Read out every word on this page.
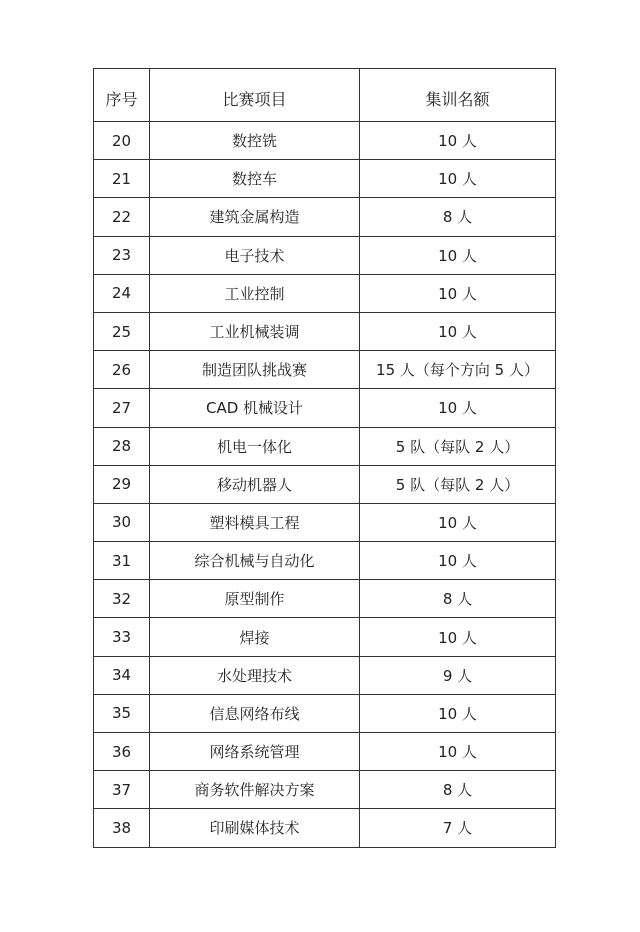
序号	比赛项目	集训名额
20	数控铣	10 人
21	数控车	10 人
22	建筑金属构造	8 人
23	电子技术	10 人
24	工业控制	10 人
25	工业机械装调	10 人
26	制造团队挑战赛	15 人（每个方向 5 人）
27	CAD 机械设计	10 人
28	机电一体化	5 队（每队 2 人）
29	移动机器人	5 队（每队 2 人）
30	塑料模具工程	10 人
31	综合机械与自动化	10 人
32	原型制作	8 人
33	焊接	10 人
34	水处理技术	9 人
35	信息网络布线	10 人
36	网络系统管理	10 人
37	商务软件解决方案	8 人
38	印刷媒体技术	7 人
